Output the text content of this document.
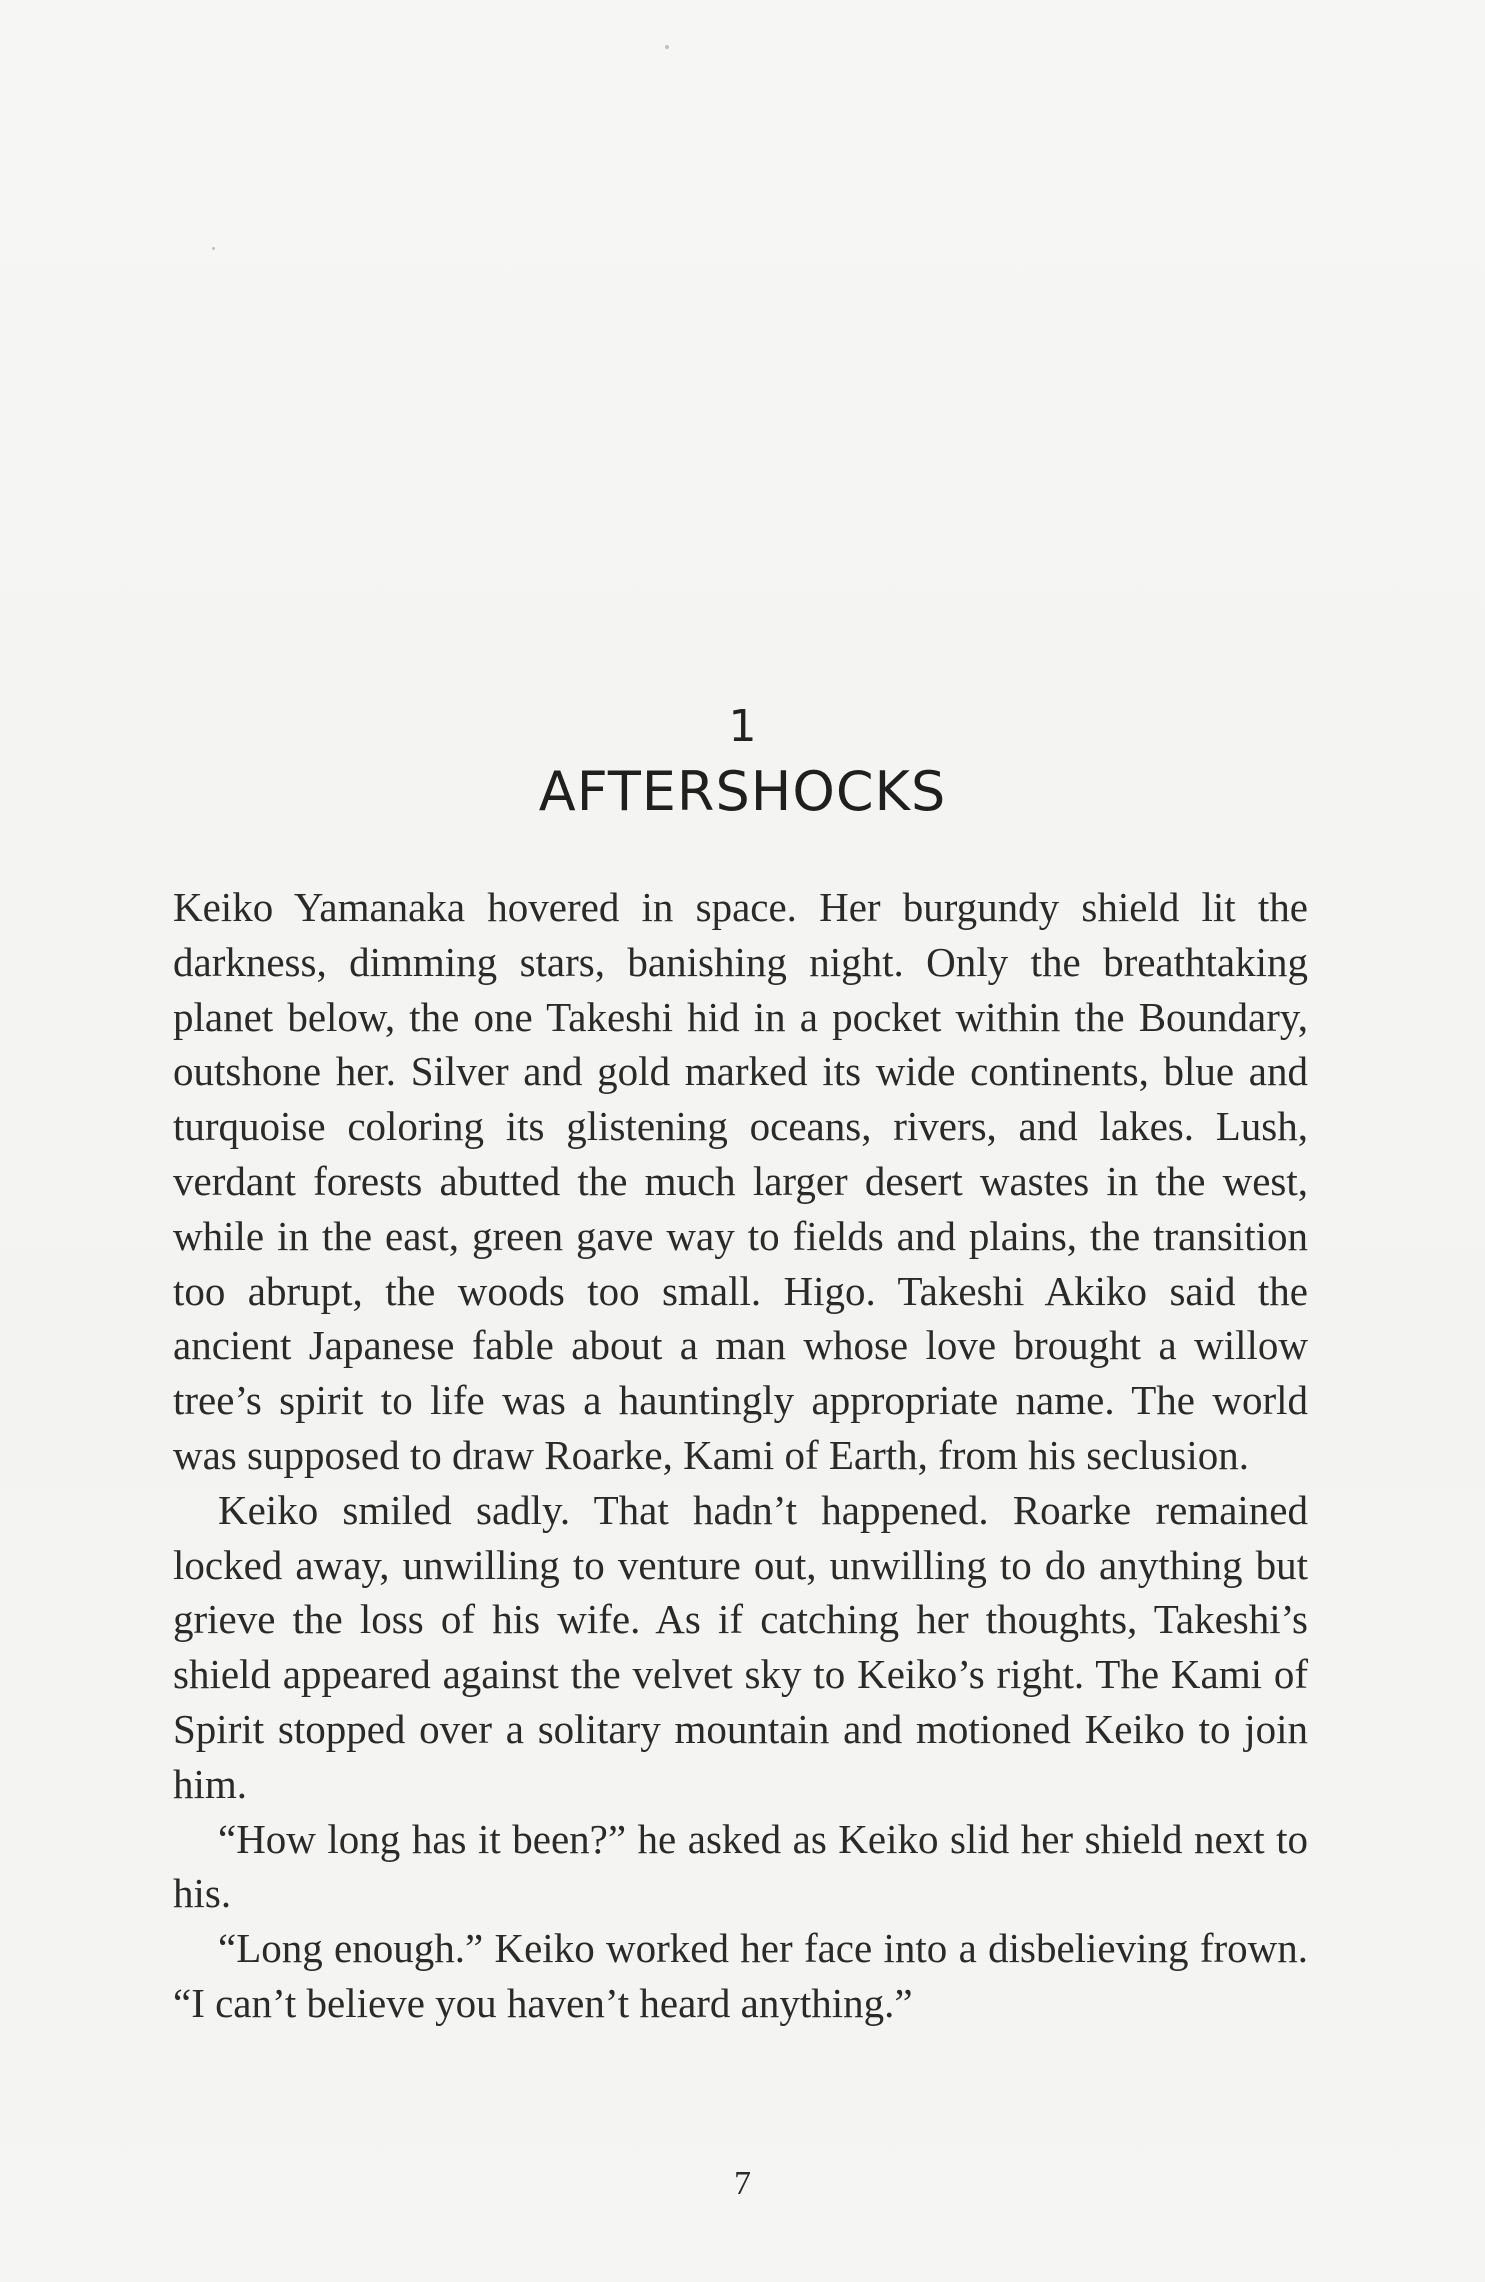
1
AFTERSHOCKS

Keiko Yamanaka hovered in space. Her burgundy shield lit the darkness, dimming stars, banishing night. Only the breathtaking planet below, the one Takeshi hid in a pocket within the Boundary, outshone her. Silver and gold marked its wide continents, blue and turquoise coloring its glistening oceans, rivers, and lakes. Lush, verdant forests abutted the much larger desert wastes in the west, while in the east, green gave way to fields and plains, the transition too abrupt, the woods too small. Higo. Takeshi Akiko said the ancient Japanese fable about a man whose love brought a willow tree’s spirit to life was a hauntingly appropriate name. The world was supposed to draw Roarke, Kami of Earth, from his seclusion.

Keiko smiled sadly. That hadn’t happened. Roarke remained locked away, unwilling to venture out, unwilling to do anything but grieve the loss of his wife. As if catching her thoughts, Takeshi’s shield appeared against the velvet sky to Keiko’s right. The Kami of Spirit stopped over a solitary mountain and motioned Keiko to join him.

“How long has it been?” he asked as Keiko slid her shield next to his.

“Long enough.” Keiko worked her face into a disbelieving frown. “I can’t believe you haven’t heard anything.”

7
